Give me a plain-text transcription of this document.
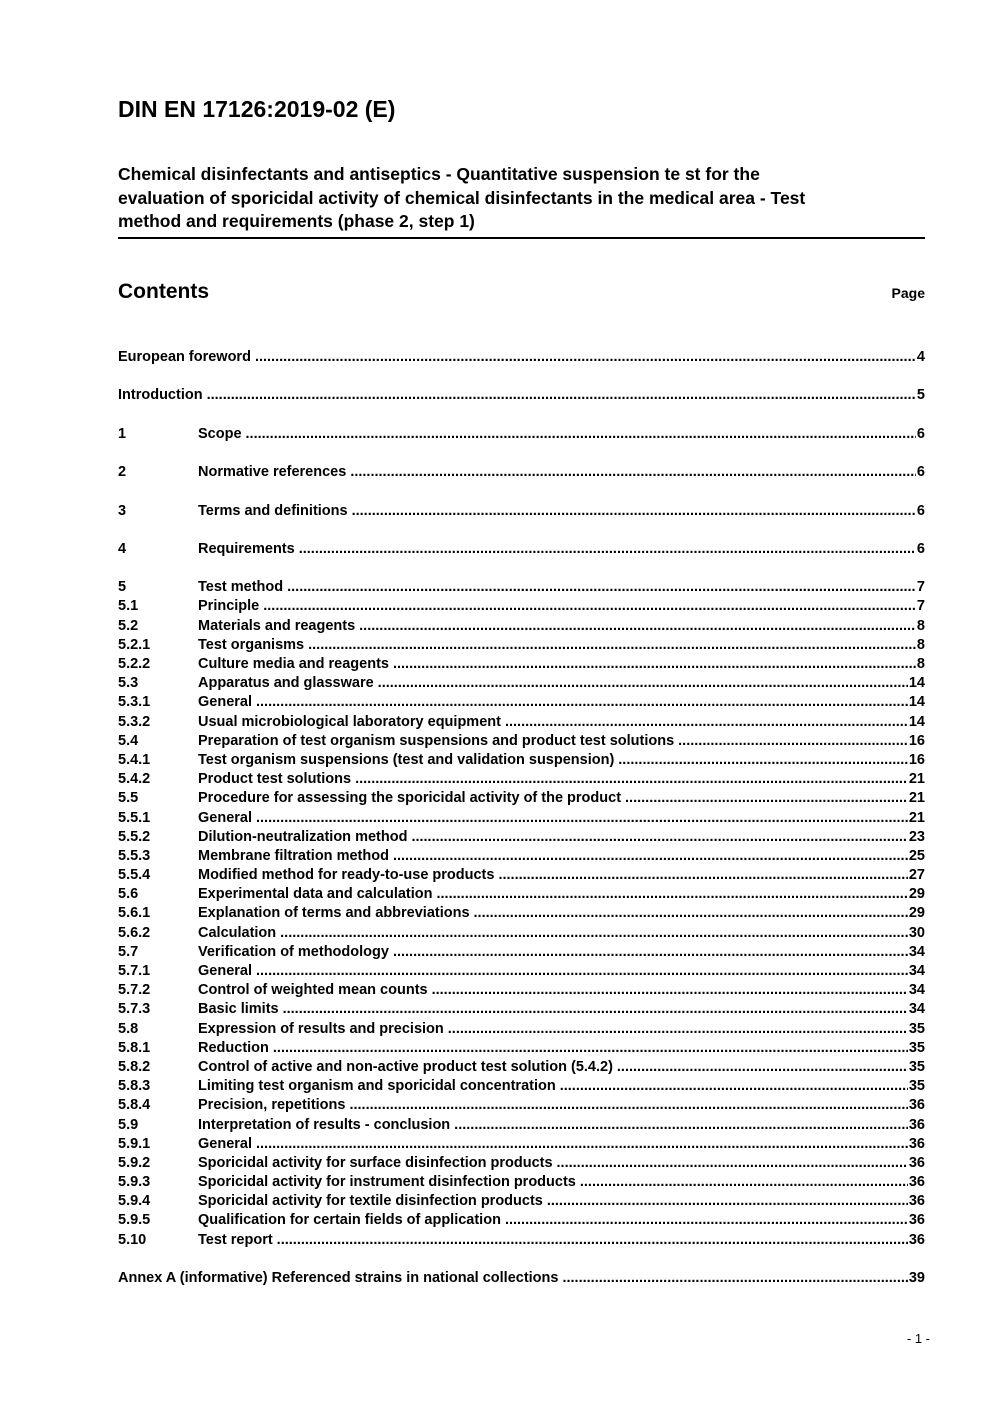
DIN EN 17126:2019-02 (E)
Chemical disinfectants and antiseptics - Quantitative suspension te st for the
evaluation of sporicidal activity of chemical disinfectants in the medical area - Test
method and requirements (phase 2, step 1)
Contents	Page
European foreword .....	4
Introduction .....	5
1	Scope .....	6
2	Normative references .....	6
3	Terms and definitions .....	6
4	Requirements .....	6
5	Test method .....	7
5.1	Principle .....	7
5.2	Materials and reagents .....	8
5.2.1	Test organisms .....	8
5.2.2	Culture media and reagents .....	8
5.3	Apparatus and glassware .....	14
5.3.1	General .....	14
5.3.2	Usual microbiological laboratory equipment .....	14
5.4	Preparation of test organism suspensions and product test solutions .....	16
5.4.1	Test organism suspensions (test and validation suspension) .....	16
5.4.2	Product test solutions .....	21
5.5	Procedure for assessing the sporicidal activity of the product .....	21
5.5.1	General .....	21
5.5.2	Dilution-neutralization method .....	23
5.5.3	Membrane filtration method .....	25
5.5.4	Modified method for ready-to-use products .....	27
5.6	Experimental data and calculation .....	29
5.6.1	Explanation of terms and abbreviations .....	29
5.6.2	Calculation .....	30
5.7	Verification of methodology .....	34
5.7.1	General .....	34
5.7.2	Control of weighted mean counts .....	34
5.7.3	Basic limits .....	34
5.8	Expression of results and precision .....	35
5.8.1	Reduction .....	35
5.8.2	Control of active and non-active product test solution (5.4.2) .....	35
5.8.3	Limiting test organism and sporicidal concentration .....	35
5.8.4	Precision, repetitions .....	36
5.9	Interpretation of results - conclusion .....	36
5.9.1	General .....	36
5.9.2	Sporicidal activity for surface disinfection products .....	36
5.9.3	Sporicidal activity for instrument disinfection products .....	36
5.9.4	Sporicidal activity for textile disinfection products .....	36
5.9.5	Qualification for certain fields of application .....	36
5.10	Test report .....	36
Annex A (informative) Referenced strains in national collections .....	39
- 1 -
